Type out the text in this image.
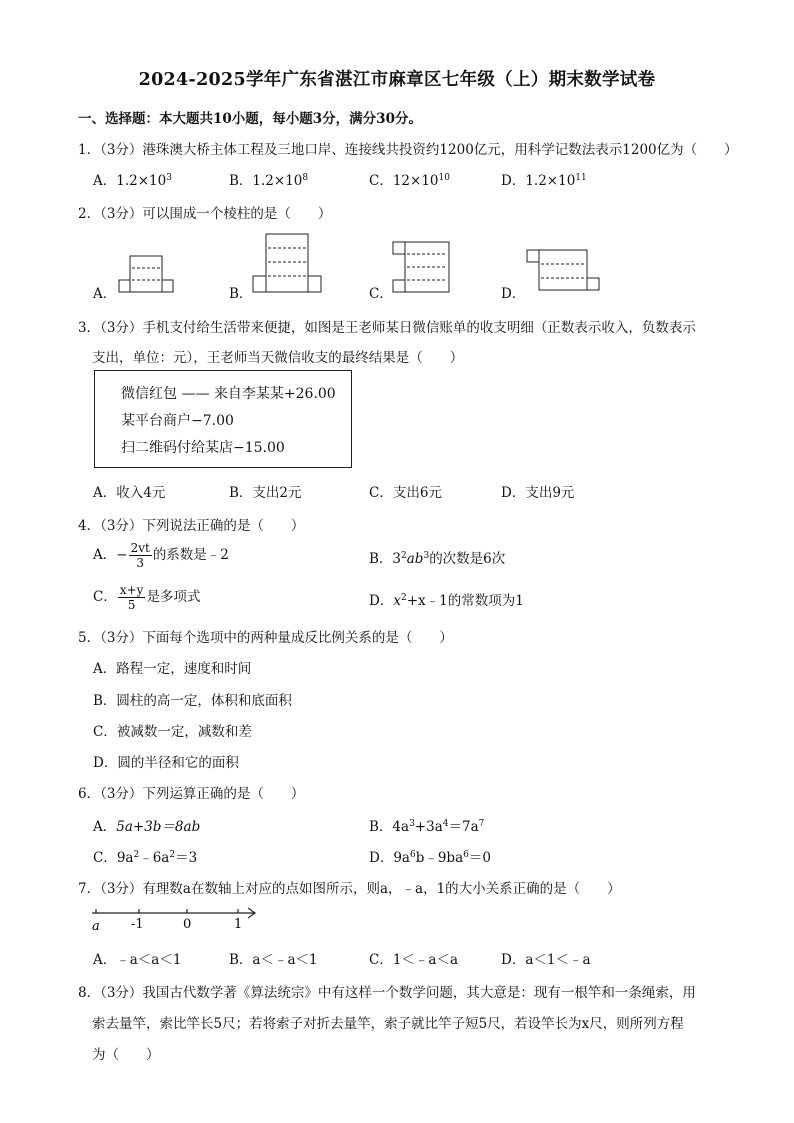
2024-2025学年广东省湛江市麻章区七年级（上）期末数学试卷
一、选择题：本大题共10小题，每小题3分，满分30分。
1．（3分）港珠澳大桥主体工程及三地口岸、连接线共投资约1200亿元，用科学记数法表示1200亿为（　　）
A．$1.2\times 10^3$	B．$1.2\times 10^8$	C．$12\times 10^{10}$	D．$1.2\times 10^{11}$
2．（3分）可以围成一个棱柱的是（　　）
A．	B．	C．	D．
3．（3分）手机支付给生活带来便捷，如图是王老师某日微信账单的收支明细（正数表示收入，负数表示
支出，单位：元），王老师当天微信收支的最终结果是（　　）
微信红包 —— 来自李某某+26.00
某平台商户−7.00
扫二维码付给某店−15.00
A．收入4元	B．支出2元	C．支出6元	D．支出9元
4．（3分）下列说法正确的是（　　）
A．− $\frac{2vt}{3}$ 的系数是﹣2	B．$3^2ab^3$的次数是6次
C． $\frac{x+y}{5}$ 是多项式	D．$x^2+x﹣1$的常数项为1
5．（3分）下面每个选项中的两种量成反比例关系的是（　　）
A．路程一定，速度和时间
B．圆柱的高一定，体积和底面积
C．被减数一定，减数和差
D．圆的半径和它的面积
6．（3分）下列运算正确的是（　　）
A．5a+3b＝8ab	B．$4a^3+3a^4=7a^7$
C．$9a^2﹣6a^2=3$	D．$9a^6b﹣9ba^6=0$
7．（3分）有理数a在数轴上对应的点如图所示，则a，﹣a，1的大小关系正确的是（　　）
a -1	0	1
A．﹣a＜a＜1	B．a＜﹣a＜1	C．1＜﹣a＜a	D．a＜1＜﹣a
8．（3分）我国古代数学著《算法统宗》中有这样一个数学问题，其大意是：现有一根竿和一条绳索，用
索去量竿，索比竿长5尺；若将索子对折去量竿，索子就比竿子短5尺，若设竿长为x尺，则所列方程
为（　　）
